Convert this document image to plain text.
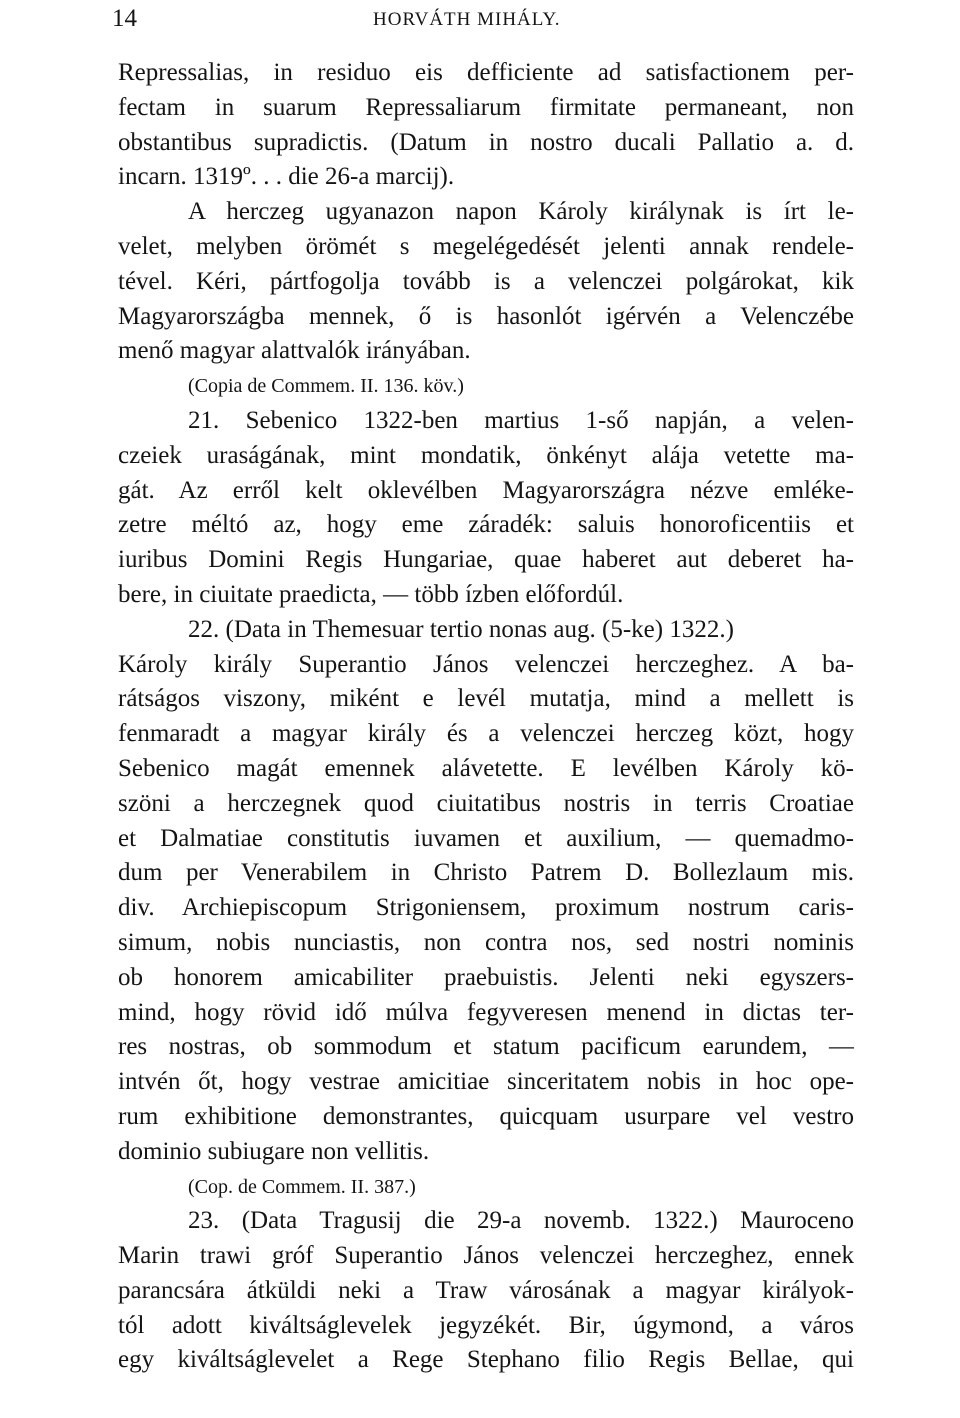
14	HORVÁTH MIHÁLY.
Repressalias, in residuo eis defficiente ad satisfactionem per-
fectam in suarum Repressaliarum firmitate permaneant, non
obstantibus supradictis. (Datum in nostro ducali Pallatio a. d.
incarn. 1319º. . . die 26-a marcij).
A herczeg ugyanazon napon Károly királynak is írt le-
velet, melyben örömét s megelégedését jelenti annak rendele-
tével. Kéri, pártfogolja tovább is a velenczei polgárokat, kik
Magyarországba mennek, ő is hasonlót igérvén a Velenczébe
menő magyar alattvalók irányában.
(Copia de Commem. II. 136. köv.)
21. Sebenico 1322-ben martius 1-ső napján, a velen-
czeiek uraságának, mint mondatik, önkényt alája vetette ma-
gát. Az erről kelt oklevélben Magyarországra nézve emléke-
zetre méltó az, hogy eme záradék: saluis honoroficentiis et
iuribus Domini Regis Hungariae, quae haberet aut deberet ha-
bere, in ciuitate praedicta, — több ízben előfordúl.
22. (Data in Themesuar tertio nonas aug. (5-ke) 1322.)
Károly király Superantio János velenczei herczeghez. A ba-
rátságos viszony, miként e levél mutatja, mind a mellett is
fenmaradt a magyar király és a velenczei herczeg közt, hogy
Sebenico magát emennek alávetette. E levélben Károly kö-
szöni a herczegnek quod ciuitatibus nostris in terris Croatiae
et Dalmatiae constitutis iuvamen et auxilium, — quemadmo-
dum per Venerabilem in Christo Patrem D. Bollezlaum mis.
div. Archiepiscopum Strigoniensem, proximum nostrum caris-
simum, nobis nunciastis, non contra nos, sed nostri nominis
ob honorem amicabiliter praebuistis. Jelenti neki egyszers-
mind, hogy rövid idő múlva fegyveresen menend in dictas ter-
res nostras, ob sommodum et statum pacificum earundem, —
intvén őt, hogy vestrae amicitiae sinceritatem nobis in hoc ope-
rum exhibitione demonstrantes, quicquam usurpare vel vestro
dominio subiugare non vellitis.
(Cop. de Commem. II. 387.)
23. (Data Tragusij die 29-a novemb. 1322.) Mauroceno
Marin trawi gróf Superantio János velenczei herczeghez, ennek
parancsára átküldi neki a Traw városának a magyar királyok-
tól adott kiváltságlevelek jegyzékét. Bir, úgymond, a város
egy kiváltságlevelet a Rege Stephano filio Regis Bellae, qui
